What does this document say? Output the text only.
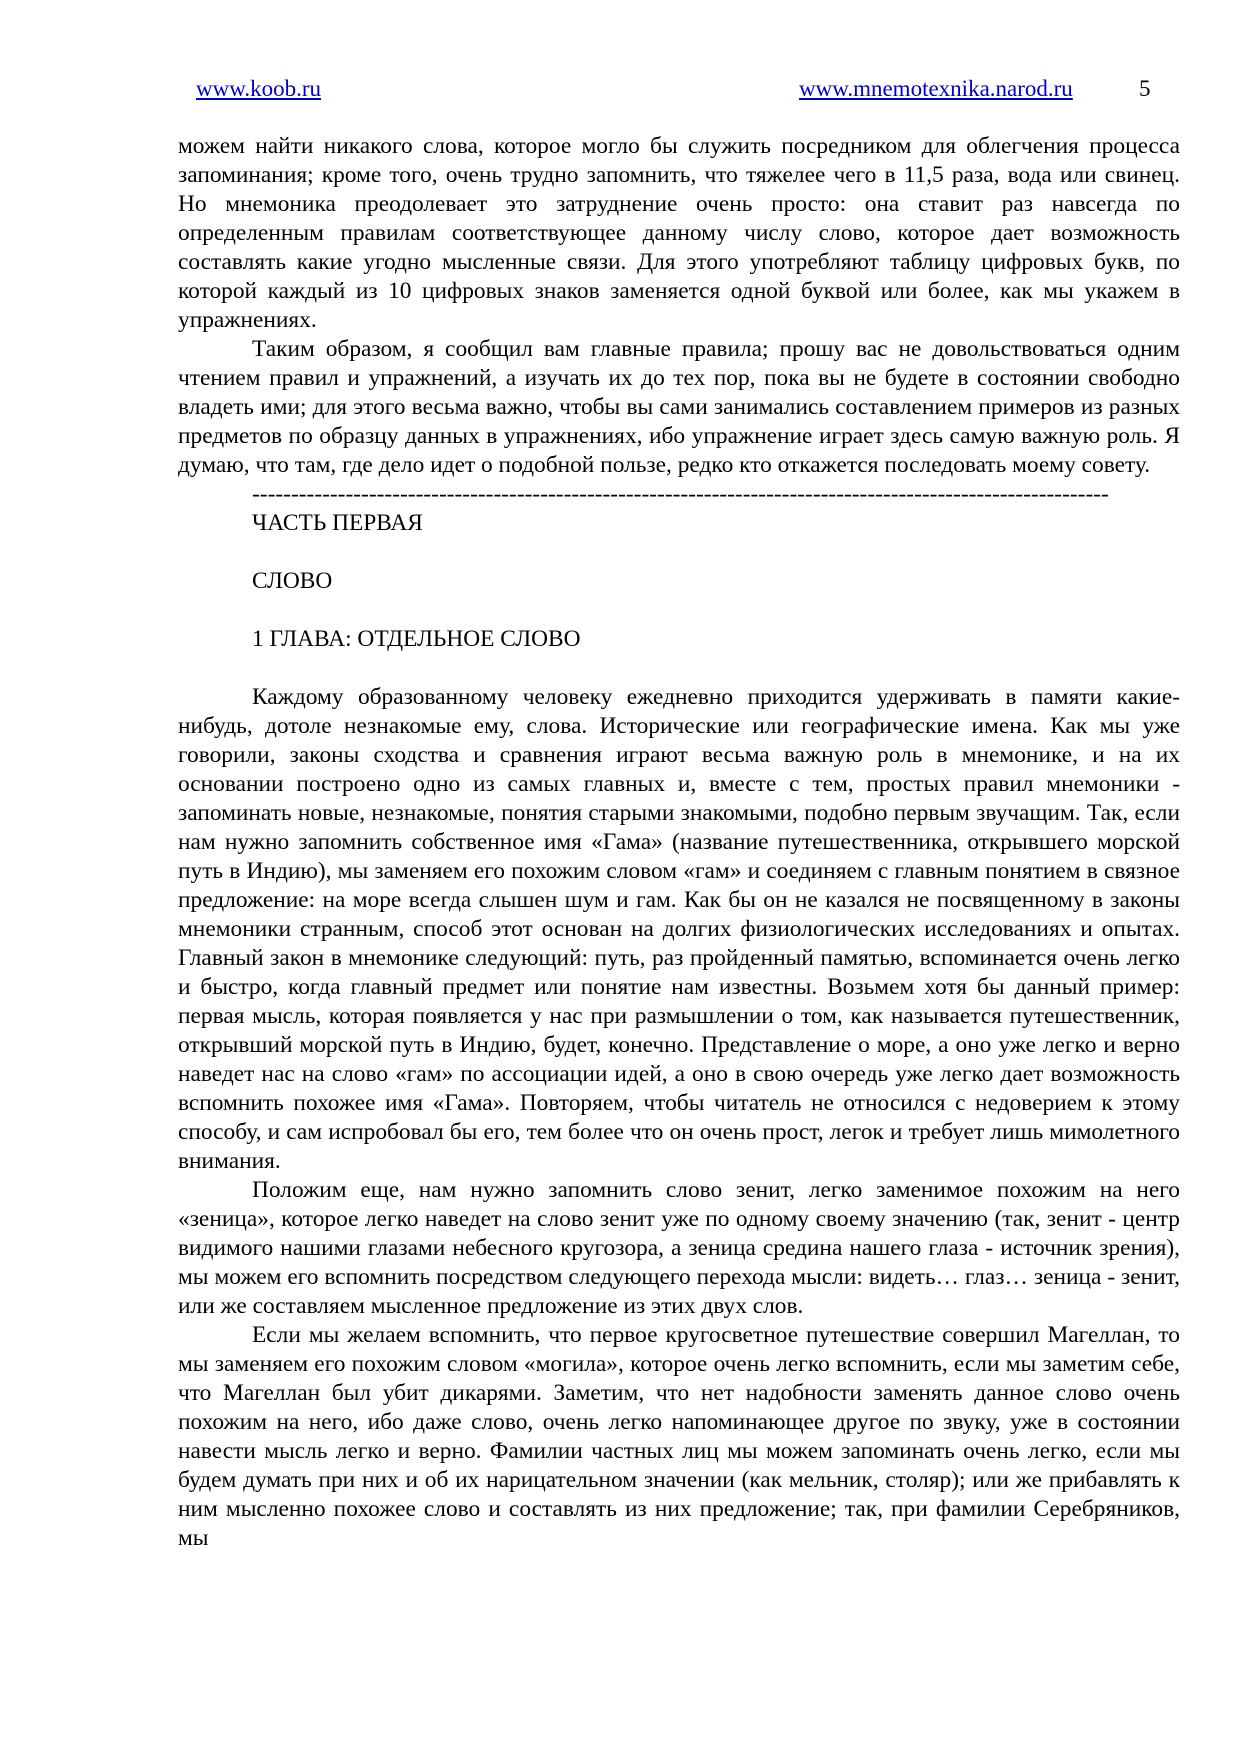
www.koob.ru	www.mnemotexnika.narod.ru	5

можем найти никакого слова, которое могло бы служить посредником для облегчения процесса запоминания; кроме того, очень трудно запомнить, что тяжелее чего в 11,5 раза, вода или свинец. Но мнемоника преодолевает это затруднение очень просто: она ставит раз навсегда по определенным правилам соответствующее данному числу слово, которое дает возможность составлять какие угодно мысленные связи. Для этого употребляют таблицу цифровых букв, по которой каждый из 10 цифровых знаков заменяется одной буквой или более, как мы укажем в упражнениях.

Таким образом, я сообщил вам главные правила; прошу вас не довольствоваться одним чтением правил и упражнений, а изучать их до тех пор, пока вы не будете в состоянии свободно владеть ими; для этого весьма важно, чтобы вы сами занимались составлением примеров из разных предметов по образцу данных в упражнениях, ибо упражнение играет здесь самую важную роль. Я думаю, что там, где дело идет о подобной пользе, редко кто откажется последовать моему совету.

--------------------------------------------------------------------------------------------------------------
ЧАСТЬ ПЕРВАЯ
СЛОВО
1 ГЛАВА: ОТДЕЛЬНОЕ СЛОВО

Каждому образованному человеку ежедневно приходится удерживать в памяти какие-нибудь, дотоле незнакомые ему, слова. Исторические или географические имена. Как мы уже говорили, законы сходства и сравнения играют весьма важную роль в мнемонике, и на их основании построено одно из самых главных и, вместе с тем, простых правил мнемоники - запоминать новые, незнакомые, понятия старыми знакомыми, подобно первым звучащим. Так, если нам нужно запомнить собственное имя «Гама» (название путешественника, открывшего морской путь в Индию), мы заменяем его похожим словом «гам» и соединяем с главным понятием в связное предложение: на море всегда слышен шум и гам. Как бы он не казался не посвященному в законы мнемоники странным, способ этот основан на долгих физиологических исследованиях и опытах. Главный закон в мнемонике следующий: путь, раз пройденный памятью, вспоминается очень легко и быстро, когда главный предмет или понятие нам известны. Возьмем хотя бы данный пример: первая мысль, которая появляется у нас при размышлении о том, как называется путешественник, открывший морской путь в Индию, будет, конечно. Представление о море, а оно уже легко и верно наведет нас на слово «гам» по ассоциации идей, а оно в свою очередь уже легко дает возможность вспомнить похожее имя «Гама». Повторяем, чтобы читатель не относился с недоверием к этому способу, и сам испробовал бы его, тем более что он очень прост, легок и требует лишь мимолетного внимания.

Положим еще, нам нужно запомнить слово зенит, легко заменимое похожим на него «зеница», которое легко наведет на слово зенит уже по одному своему значению (так, зенит - центр видимого нашими глазами небесного кругозора, а зеница средина нашего глаза - источник зрения), мы можем его вспомнить посредством следующего перехода мысли: видеть… глаз… зеница - зенит, или же составляем мысленное предложение из этих двух слов.

Если мы желаем вспомнить, что первое кругосветное путешествие совершил Магеллан, то мы заменяем его похожим словом «могила», которое очень легко вспомнить, если мы заметим себе, что Магеллан был убит дикарями. Заметим, что нет надобности заменять данное слово очень похожим на него, ибо даже слово, очень легко напоминающее другое по звуку, уже в состоянии навести мысль легко и верно. Фамилии частных лиц мы можем запоминать очень легко, если мы будем думать при них и об их нарицательном значении (как мельник, столяр); или же прибавлять к ним мысленно похожее слово и составлять из них предложение; так, при фамилии Серебряников, мы
